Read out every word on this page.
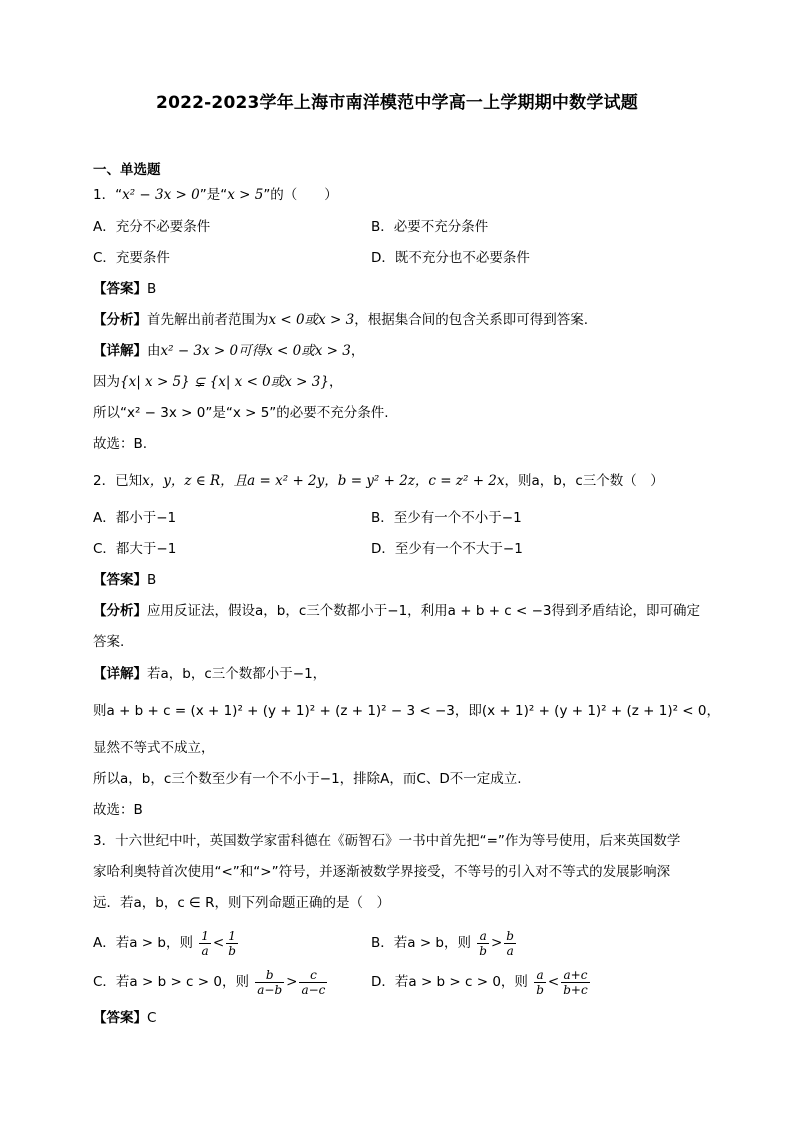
2022-2023学年上海市南洋模范中学高一上学期期中数学试题
一、单选题
1．“x² − 3x > 0”是“x > 5”的（　　）
A．充分不必要条件	B．必要不充分条件
C．充要条件	D．既不充分也不必要条件
【答案】B
【分析】首先解出前者范围为x < 0或x > 3，根据集合间的包含关系即可得到答案.
【详解】由x² − 3x > 0可得x < 0或x > 3，
因为{x| x > 5} ⊊ {x| x < 0或x > 3}，
所以“x² − 3x > 0”是“x > 5”的必要不充分条件.
故选：B.
2．已知x，y，z ∈ R，且a = x² + 2y，b = y² + 2z，c = z² + 2x，则a，b，c三个数（　）
A．都小于−1	B．至少有一个不小于−1
C．都大于−1	D．至少有一个不大于−1
【答案】B
【分析】应用反证法，假设a，b，c三个数都小于−1，利用a + b + c < −3得到矛盾结论，即可确定
答案.
【详解】若a，b，c三个数都小于−1，
则a + b + c = (x + 1)² + (y + 1)² + (z + 1)² − 3 < −3，即(x + 1)² + (y + 1)² + (z + 1)² < 0，
显然不等式不成立，
所以a，b，c三个数至少有一个不小于−1，排除A，而C、D不一定成立.
故选：B
3．十六世纪中叶，英国数学家雷科德在《砺智石》一书中首先把“=”作为等号使用，后来英国数学
家哈利奥特首次使用“<”和“>”符号，并逐渐被数学界接受，不等号的引入对不等式的发展影响深
远．若a，b，c ∈ R，则下列命题正确的是（　）
A．若a > b，则 $\frac{1}{a} < \frac{1}{b}$	B．若a > b，则 $\frac{a}{b} > \frac{b}{a}$
C．若a > b > c > 0，则 $\frac{b}{a-b} > \frac{c}{a-c}$	D．若a > b > c > 0，则 $\frac{a}{b} < \frac{a+c}{b+c}$
【答案】C
